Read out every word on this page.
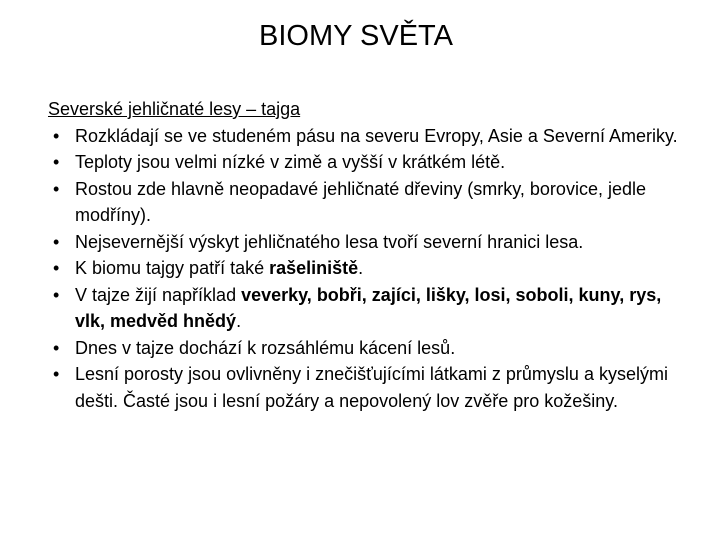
BIOMY SVĚTA

Severské jehličnaté lesy – tajga

• Rozkládají se ve studeném pásu na severu Evropy, Asie a Severní Ameriky.
• Teploty jsou velmi nízké v zimě a vyšší v krátkém létě.
• Rostou zde hlavně neopadavé jehličnaté dřeviny (smrky, borovice, jedle modříny).
• Nejsevernější výskyt jehličnatého lesa tvoří severní hranici lesa.
• K biomu tajgy patří také rašeliniště.
• V tajze žijí například veverky, bobři, zajíci, lišky, losi, soboli, kuny, rys, vlk, medvěd hnědý.
• Dnes v tajze dochází k rozsáhlému kácení lesů.
• Lesní porosty jsou ovlivněny i znečišťujícími látkami z průmyslu a kyselými dešti. Časté jsou i lesní požáry a nepovolený lov zvěře pro kožešiny.
